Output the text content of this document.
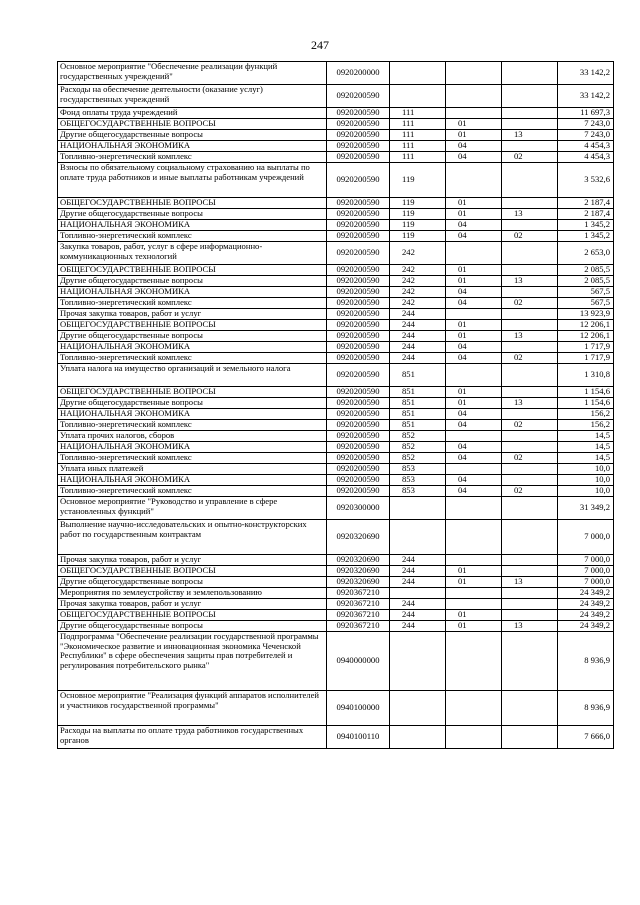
247
Основное мероприятие "Обеспечение реализации функций государственных учреждений"	0920200000				33 142,2
Расходы на обеспечение деятельности (оказание услуг) государственных учреждений	0920200590				33 142,2
Фонд оплаты труда учреждений	0920200590	111			11 697,3
ОБЩЕГОСУДАРСТВЕННЫЕ ВОПРОСЫ	0920200590	111	01		7 243,0
Другие общегосударственные вопросы	0920200590	111	01	13	7 243,0
НАЦИОНАЛЬНАЯ ЭКОНОМИКА	0920200590	111	04		4 454,3
Топливно-энергетический комплекс	0920200590	111	04	02	4 454,3
Взносы по обязательному социальному страхованию на выплаты по оплате труда работников и иные выплаты работникам учреждений	0920200590	119			3 532,6
ОБЩЕГОСУДАРСТВЕННЫЕ ВОПРОСЫ	0920200590	119	01		2 187,4
Другие общегосударственные вопросы	0920200590	119	01	13	2 187,4
НАЦИОНАЛЬНАЯ ЭКОНОМИКА	0920200590	119	04		1 345,2
Топливно-энергетический комплекс	0920200590	119	04	02	1 345,2
Закупка товаров, работ, услуг в сфере информационно-коммуникационных технологий	0920200590	242			2 653,0
ОБЩЕГОСУДАРСТВЕННЫЕ ВОПРОСЫ	0920200590	242	01		2 085,5
Другие общегосударственные вопросы	0920200590	242	01	13	2 085,5
НАЦИОНАЛЬНАЯ ЭКОНОМИКА	0920200590	242	04		567,5
Топливно-энергетический комплекс	0920200590	242	04	02	567,5
Прочая закупка товаров, работ и услуг	0920200590	244			13 923,9
ОБЩЕГОСУДАРСТВЕННЫЕ ВОПРОСЫ	0920200590	244	01		12 206,1
Другие общегосударственные вопросы	0920200590	244	01	13	12 206,1
НАЦИОНАЛЬНАЯ ЭКОНОМИКА	0920200590	244	04		1 717,9
Топливно-энергетический комплекс	0920200590	244	04	02	1 717,9
Уплата налога на имущество организаций и земельного налога	0920200590	851			1 310,8
ОБЩЕГОСУДАРСТВЕННЫЕ ВОПРОСЫ	0920200590	851	01		1 154,6
Другие общегосударственные вопросы	0920200590	851	01	13	1 154,6
НАЦИОНАЛЬНАЯ ЭКОНОМИКА	0920200590	851	04		156,2
Топливно-энергетический комплекс	0920200590	851	04	02	156,2
Уплата прочих налогов, сборов	0920200590	852			14,5
НАЦИОНАЛЬНАЯ ЭКОНОМИКА	0920200590	852	04		14,5
Топливно-энергетический комплекс	0920200590	852	04	02	14,5
Уплата иных платежей	0920200590	853			10,0
НАЦИОНАЛЬНАЯ ЭКОНОМИКА	0920200590	853	04		10,0
Топливно-энергетический комплекс	0920200590	853	04	02	10,0
Основное мероприятие "Руководство и управление в сфере установленных функций"	0920300000				31 349,2
Выполнение научно-исследовательских и опытно-конструкторских работ по государственным контрактам	0920320690				7 000,0
Прочая закупка товаров, работ и услуг	0920320690	244			7 000,0
ОБЩЕГОСУДАРСТВЕННЫЕ ВОПРОСЫ	0920320690	244	01		7 000,0
Другие общегосударственные вопросы	0920320690	244	01	13	7 000,0
Мероприятия по землеустройству и землепользованию	0920367210				24 349,2
Прочая закупка товаров, работ и услуг	0920367210	244			24 349,2
ОБЩЕГОСУДАРСТВЕННЫЕ ВОПРОСЫ	0920367210	244	01		24 349,2
Другие общегосударственные вопросы	0920367210	244	01	13	24 349,2
Подпрограмма "Обеспечение реализации государственной программы "Экономическое развитие и инновационная экономика Чеченской Республики" в сфере обеспечения защиты прав потребителей и регулирования потребительского рынка"	0940000000				8 936,9
Основное мероприятие "Реализация функций аппаратов исполнителей и участников государственной программы"	0940100000				8 936,9
Расходы на выплаты по оплате труда работников государственных органов	0940100110				7 666,0
